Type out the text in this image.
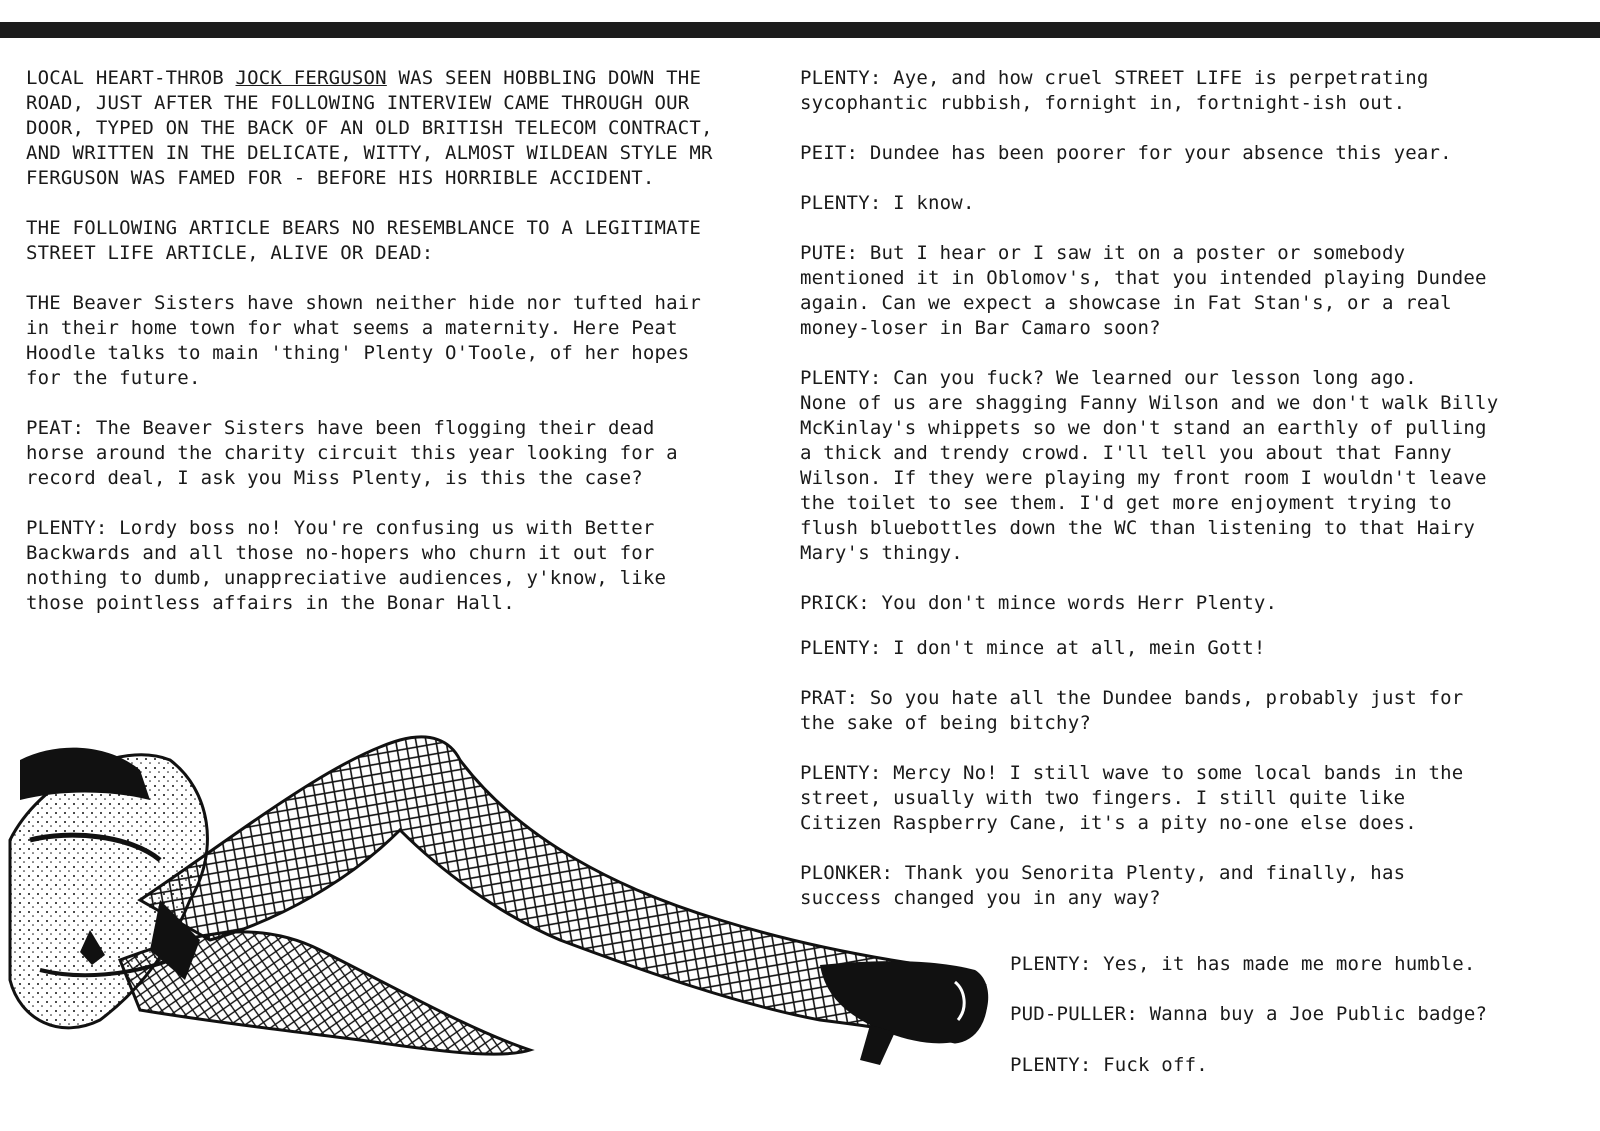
LOCAL HEART-THROB JOCK FERGUSON WAS SEEN HOBBLING DOWN THE
ROAD, JUST AFTER THE FOLLOWING INTERVIEW CAME THROUGH OUR
DOOR, TYPED ON THE BACK OF AN OLD BRITISH TELECOM CONTRACT,
AND WRITTEN IN THE DELICATE, WITTY, ALMOST WILDEAN STYLE MR
FERGUSON WAS FAMED FOR - BEFORE HIS HORRIBLE ACCIDENT.

THE FOLLOWING ARTICLE BEARS NO RESEMBLANCE TO A LEGITIMATE
STREET LIFE ARTICLE, ALIVE OR DEAD:

THE Beaver Sisters have shown neither hide nor tufted hair
in their home town for what seems a maternity. Here Peat
Hoodle talks to main 'thing' Plenty O'Toole, of her hopes
for the future.

PEAT: The Beaver Sisters have been flogging their dead
horse around the charity circuit this year looking for a
record deal, I ask you Miss Plenty, is this the case?

PLENTY: Lordy boss no! You're confusing us with Better
Backwards and all those no-hopers who churn it out for
nothing to dumb, unappreciative audiences, y'know, like
those pointless affairs in the Bonar Hall.

PLENTY: Aye, and how cruel STREET LIFE is perpetrating
sycophantic rubbish, fornight in, fortnight-ish out.

PEIT: Dundee has been poorer for your absence this year.

PLENTY: I know.

PUTE: But I hear or I saw it on a poster or somebody
mentioned it in Oblomov's, that you intended playing Dundee
again. Can we expect a showcase in Fat Stan's, or a real
money-loser in Bar Camaro soon?

PLENTY: Can you fuck? We learned our lesson long ago.
None of us are shagging Fanny Wilson and we don't walk Billy
McKinlay's whippets so we don't stand an earthly of pulling
a thick and trendy crowd. I'll tell you about that Fanny
Wilson. If they were playing my front room I wouldn't leave
the toilet to see them. I'd get more enjoyment trying to
flush bluebottles down the WC than listening to that Hairy
Mary's thingy.

PRICK: You don't mince words Herr Plenty.

PLENTY: I don't mince at all, mein Gott!

PRAT: So you hate all the Dundee bands, probably just for
the sake of being bitchy?

PLENTY: Mercy No! I still wave to some local bands in the
street, usually with two fingers. I still quite like
Citizen Raspberry Cane, it's a pity no-one else does.

PLONKER: Thank you Senorita Plenty, and finally, has
success changed you in any way?

PLENTY: Yes, it has made me more humble.
PUD-PULLER: Wanna buy a Joe Public badge?
PLENTY: Fuck off.
